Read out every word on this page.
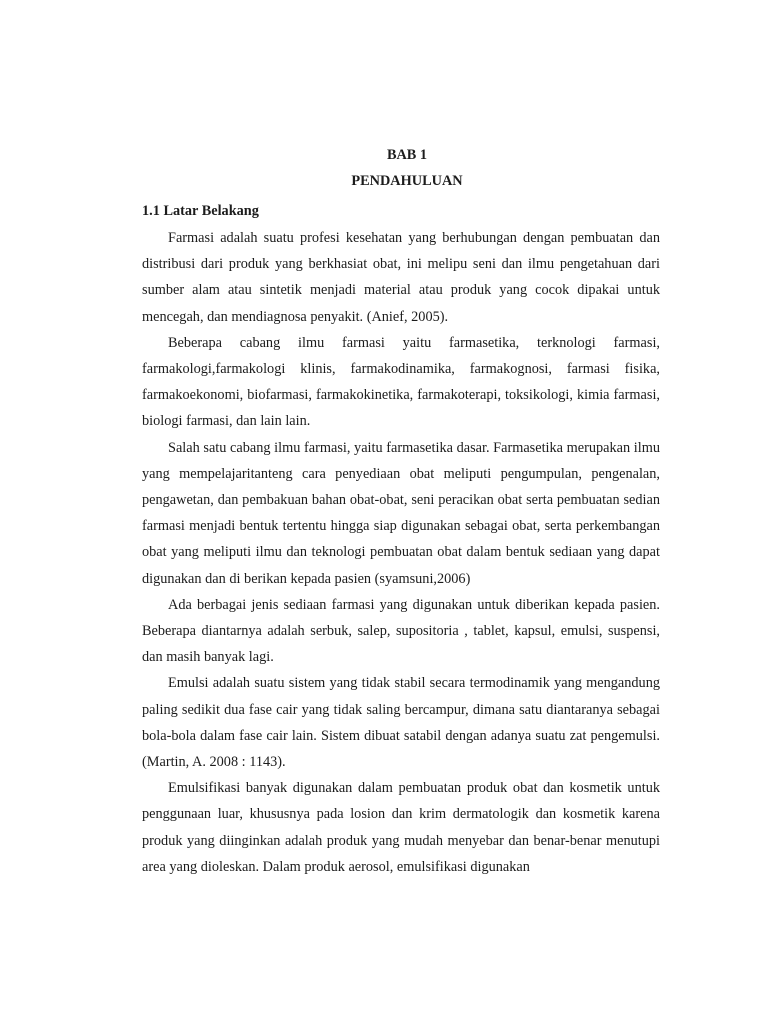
BAB 1
PENDAHULUAN
1.1 Latar Belakang

Farmasi adalah suatu profesi kesehatan yang berhubungan dengan pembuatan dan distribusi dari produk yang berkhasiat obat, ini melipu seni dan ilmu pengetahuan dari sumber alam atau sintetik menjadi material atau produk yang cocok dipakai untuk mencegah, dan mendiagnosa penyakit. (Anief, 2005).

Beberapa cabang ilmu farmasi yaitu farmasetika, terknologi farmasi, farmakologi,farmakologi klinis, farmakodinamika, farmakognosi, farmasi fisika, farmakoekonomi, biofarmasi, farmakokinetika, farmakoterapi, toksikologi, kimia farmasi, biologi farmasi, dan lain lain.

Salah satu cabang ilmu farmasi, yaitu farmasetika dasar. Farmasetika merupakan ilmu yang mempelajaritanteng cara penyediaan obat meliputi pengumpulan, pengenalan, pengawetan, dan pembakuan bahan obat-obat, seni peracikan obat serta pembuatan sedian farmasi menjadi bentuk tertentu hingga siap digunakan sebagai obat, serta perkembangan obat yang meliputi ilmu dan teknologi pembuatan obat dalam bentuk sediaan yang dapat digunakan dan di berikan kepada pasien (syamsuni,2006)

Ada berbagai jenis sediaan farmasi yang digunakan untuk diberikan kepada pasien. Beberapa diantarnya adalah serbuk, salep, supositoria , tablet, kapsul, emulsi, suspensi, dan masih banyak lagi.

Emulsi adalah suatu sistem yang tidak stabil secara termodinamik yang mengandung paling sedikit dua fase cair yang tidak saling bercampur, dimana satu diantaranya sebagai bola-bola dalam fase cair lain. Sistem dibuat satabil dengan adanya suatu zat pengemulsi. (Martin, A. 2008 : 1143).

Emulsifikasi banyak digunakan dalam pembuatan produk obat dan kosmetik untuk penggunaan luar, khususnya pada losion dan krim dermatologik dan kosmetik karena produk yang diinginkan adalah produk yang mudah menyebar dan benar-benar menutupi area yang dioleskan. Dalam produk aerosol, emulsifikasi digunakan
